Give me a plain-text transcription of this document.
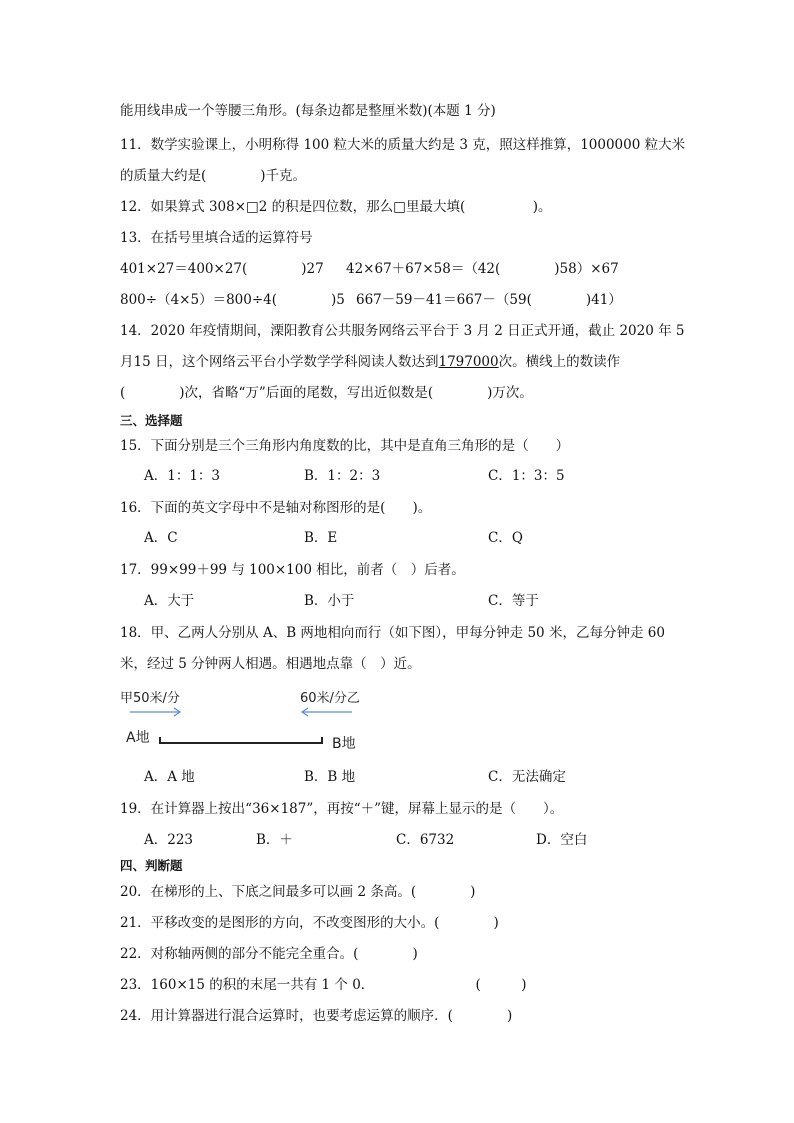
能用线串成一个等腰三角形。(每条边都是整厘米数)(本题 1 分)
11．数学实验课上，小明称得 100 粒大米的质量大约是 3 克，照这样推算，1000000 粒大米
的质量大约是(　　　　)千克。
12．如果算式 308×□2 的积是四位数，那么□里最大填(　　　　　)。
13．在括号里填合适的运算符号
401×27＝400×27(　　　　)27 42×67＋67×58＝（42(　　　　)58）×67
800÷（4×5）＝800÷4(　　　　)5 667－59－41＝667－（59(　　　　)41）
14．2020 年疫情期间，溧阳教育公共服务网络云平台于 3 月 2 日正式开通，截止 2020 年 5
月15 日，这个网络云平台小学数学学科阅读人数达到1797000次。横线上的数读作
(　　　　)次，省略“万”后面的尾数，写出近似数是(　　　　)万次。
三、选择题
15．下面分别是三个三角形内角度数的比，其中是直角三角形的是（　　）
A．1：1：3	B．1：2：3	C．1：3：5
16．下面的英文字母中不是轴对称图形的是(　　)。
A．C	B．E	C．Q
17．99×99＋99 与 100×100 相比，前者（　）后者。
A．大于	B．小于	C．等于
18．甲、乙两人分别从 A、B 两地相向而行（如下图），甲每分钟走 50 米，乙每分钟走 60
米，经过 5 分钟两人相遇。相遇地点靠（　）近。
甲50米/分	60米/分乙
A地	B地
A．A 地	B．B 地	C．无法确定
19．在计算器上按出“36×187”，再按“＋”键，屏幕上显示的是（　　）。
A．223	B．＋	C．6732	D．空白
四、判断题
20．在梯形的上、下底之间最多可以画 2 条高。(　　　　)
21．平移改变的是图形的方向，不改变图形的大小。(　　　　)
22．对称轴两侧的部分不能完全重合。(　　　　)
23．160×15 的积的末尾一共有 1 个 0．　　　　　　　　(　　　)
24．用计算器进行混合运算时，也要考虑运算的顺序．(　　　　)
